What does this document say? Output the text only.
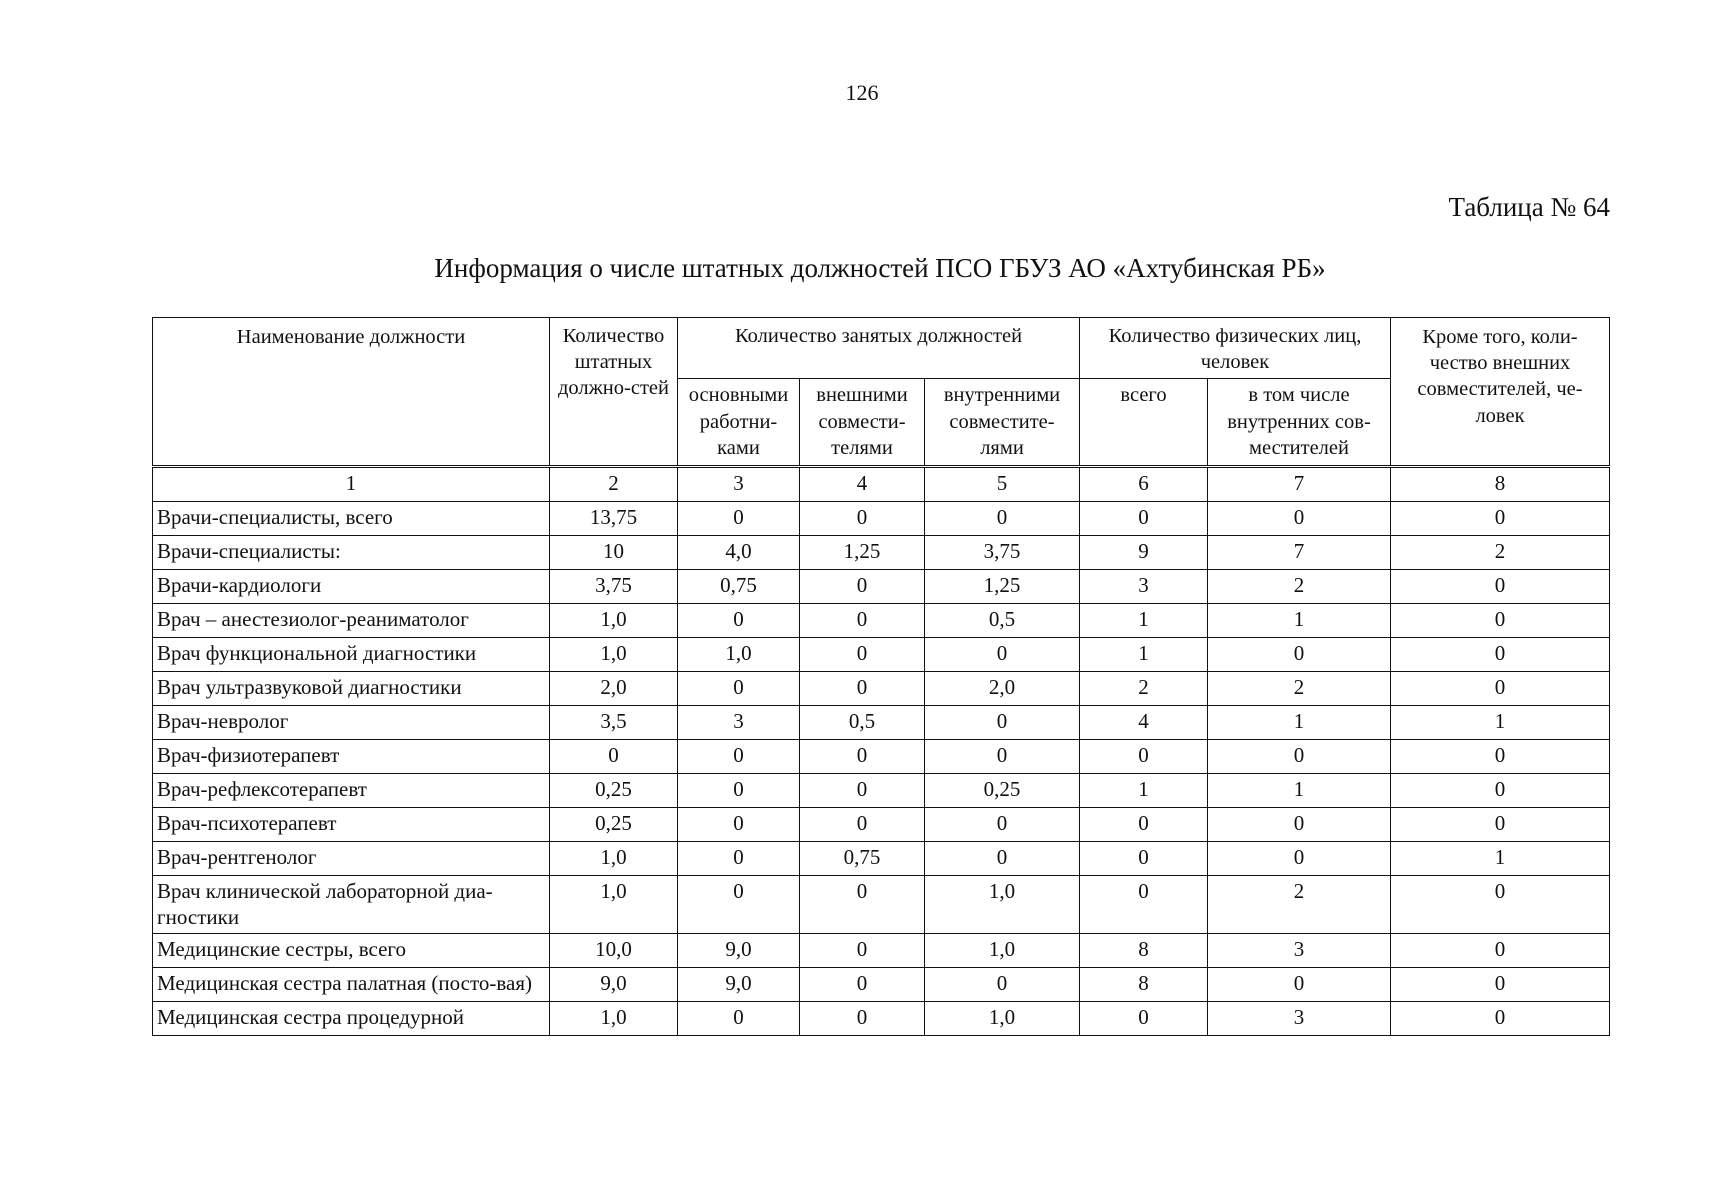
126
Таблица № 64
Информация о числе штатных должностей ПСО ГБУЗ АО «Ахтубинская РБ»
Наименование должности	Количество штатных должно-стей	Количество занятых должностей			Количество физических лиц, человек		Кроме того, коли-чество внешних совместителей, че-ловек
		основными работни-ками	внешними совмести-телями	внутренними совместите-лями	всего	в том числе внутренних сов-местителей	
1	2	3	4	5	6	7	8
Врачи-специалисты, всего	13,75	0	0	0	0	0	0
Врачи-специалисты:	10	4,0	1,25	3,75	9	7	2
Врачи-кардиологи	3,75	0,75	0	1,25	3	2	0
Врач – анестезиолог-реаниматолог	1,0	0	0	0,5	1	1	0
Врач функциональной диагностики	1,0	1,0	0	0	1	0	0
Врач ультразвуковой диагностики	2,0	0	0	2,0	2	2	0
Врач-невролог	3,5	3	0,5	0	4	1	1
Врач-физиотерапевт	0	0	0	0	0	0	0
Врач-рефлексотерапевт	0,25	0	0	0,25	1	1	0
Врач-психотерапевт	0,25	0	0	0	0	0	0
Врач-рентгенолог	1,0	0	0,75	0	0	0	1
Врач клинической лабораторной диа-гностики	1,0	0	0	1,0	0	2	0
Медицинские сестры, всего	10,0	9,0	0	1,0	8	3	0
Медицинская сестра палатная (посто-вая)	9,0	9,0	0	0	8	0	0
Медицинская сестра процедурной	1,0	0	0	1,0	0	3	0
